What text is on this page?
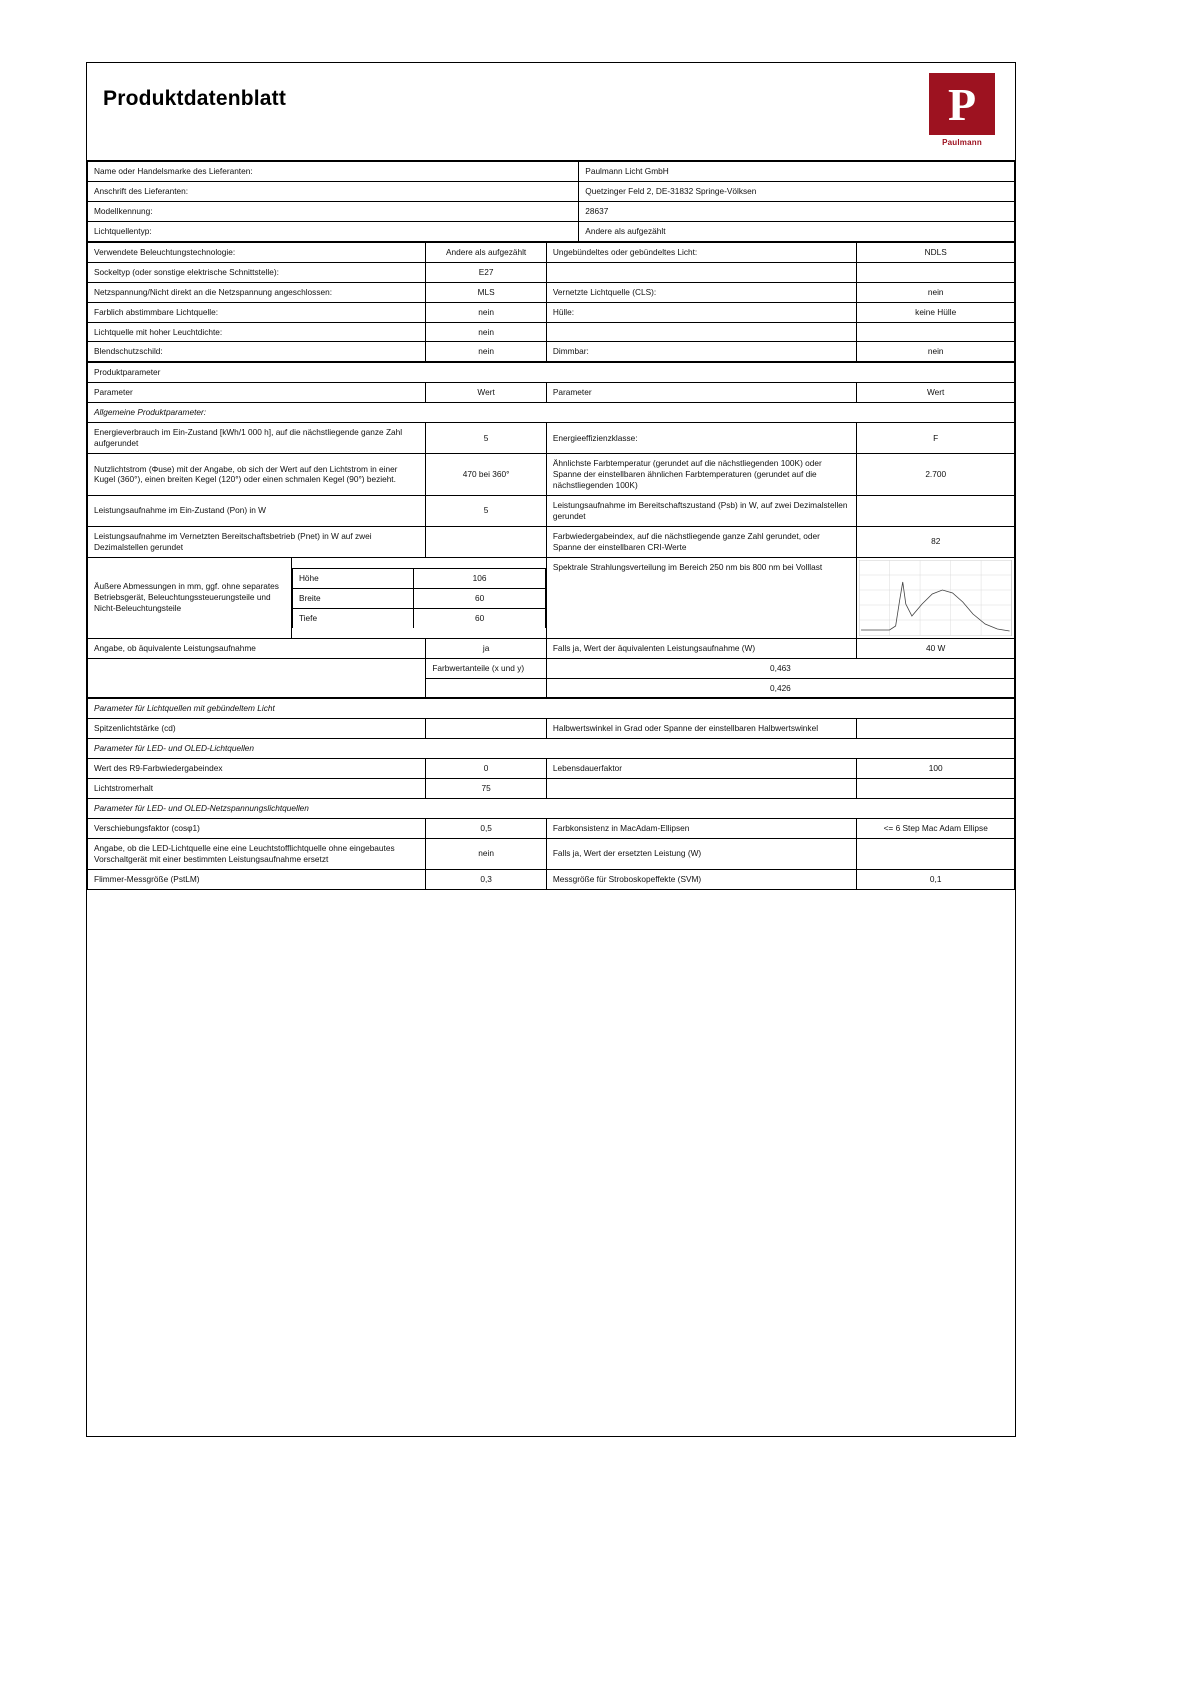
Produktdatenblatt	P
Paulmann
Name oder Handelsmarke des Lieferanten:	Paulmann Licht GmbH
Anschrift des Lieferanten:	Quetzinger Feld 2, DE-31832 Springe-Völksen
Modellkennung:	28637
Lichtquellentyp:	Andere als aufgezählt
Verwendete Beleuchtungstechnologie:	Andere als aufgezählt	Ungebündeltes oder gebündeltes Licht:	NDLS
Sockeltyp (oder sonstige elektrische Schnittstelle):	E27		
Netzspannung/Nicht direkt an die Netzspannung angeschlossen:	MLS	Vernetzte Lichtquelle (CLS):	nein
Farblich abstimmbare Lichtquelle:	nein	Hülle:	keine Hülle
Lichtquelle mit hoher Leuchtdichte:	nein		
Blendschutzschild:	nein	Dimmbar:	nein
Produktparameter
Parameter	Wert	Parameter	Wert
Allgemeine Produktparameter:
Energieverbrauch im Ein-Zustand [kWh/1 000 h], auf die nächstliegende ganze Zahl aufgerundet	5	Energieeffizienzklasse:	F
Nutzlichtstrom (Φuse) mit der Angabe, ob sich der Wert auf den Lichtstrom in einer Kugel (360°), einen breiten Kegel (120°) oder einen schmalen Kegel (90°) bezieht.	470 bei 360°	Ähnlichste Farbtemperatur (gerundet auf die nächstliegenden 100K) oder Spanne der einstellbaren ähnlichen Farbtemperaturen (gerundet auf die nächstliegenden 100K)	2.700
Leistungsaufnahme im Ein-Zustand (Pon) in W	5	Leistungsaufnahme im Bereitschaftszustand (Psb) in W, auf zwei Dezimalstellen gerundet	
Leistungsaufnahme im Vernetzten Bereitschaftsbetrieb (Pnet) in W auf zwei Dezimalstellen gerundet		Farbwiedergabeindex, auf die nächstliegende ganze Zahl gerundet, oder Spanne der einstellbaren CRI-Werte	82
Äußere Abmessungen in mm, ggf. ohne separates Betriebsgerät, Beleuchtungssteuerungsteile und Nicht-Beleuchtungsteile	
Höhe	106
Breite	60
Tiefe	60
	Spektrale Strahlungsverteilung im Bereich 250 nm bis 800 nm bei Volllast	

Angabe, ob äquivalente Leistungsaufnahme	ja	Falls ja, Wert der äquivalenten Leistungsaufnahme (W)	40 W
	Farbwertanteile (x und y)	0,463
	0,426
Parameter für Lichtquellen mit gebündeltem Licht			
Spitzenlichtstärke (cd)		Halbwertswinkel in Grad oder Spanne der einstellbaren Halbwertswinkel	
Parameter für LED- und OLED-Lichtquellen			
Wert des R9-Farbwiedergabeindex	0	Lebensdauerfaktor	100
Lichtstromerhalt	75		
Parameter für LED- und OLED-Netzspannungslichtquellen			
Verschiebungsfaktor (cosφ1)	0,5	Farbkonsistenz in MacAdam-Ellipsen	<= 6 Step Mac Adam Ellipse
Angabe, ob die LED-Lichtquelle eine eine Leuchtstofflichtquelle ohne eingebautes Vorschaltgerät mit einer bestimmten Leistungsaufnahme ersetzt	nein	Falls ja, Wert der ersetzten Leistung (W)	
Flimmer-Messgröße (PstLM)	0,3	Messgröße für Stroboskopeffekte (SVM)	0,1
